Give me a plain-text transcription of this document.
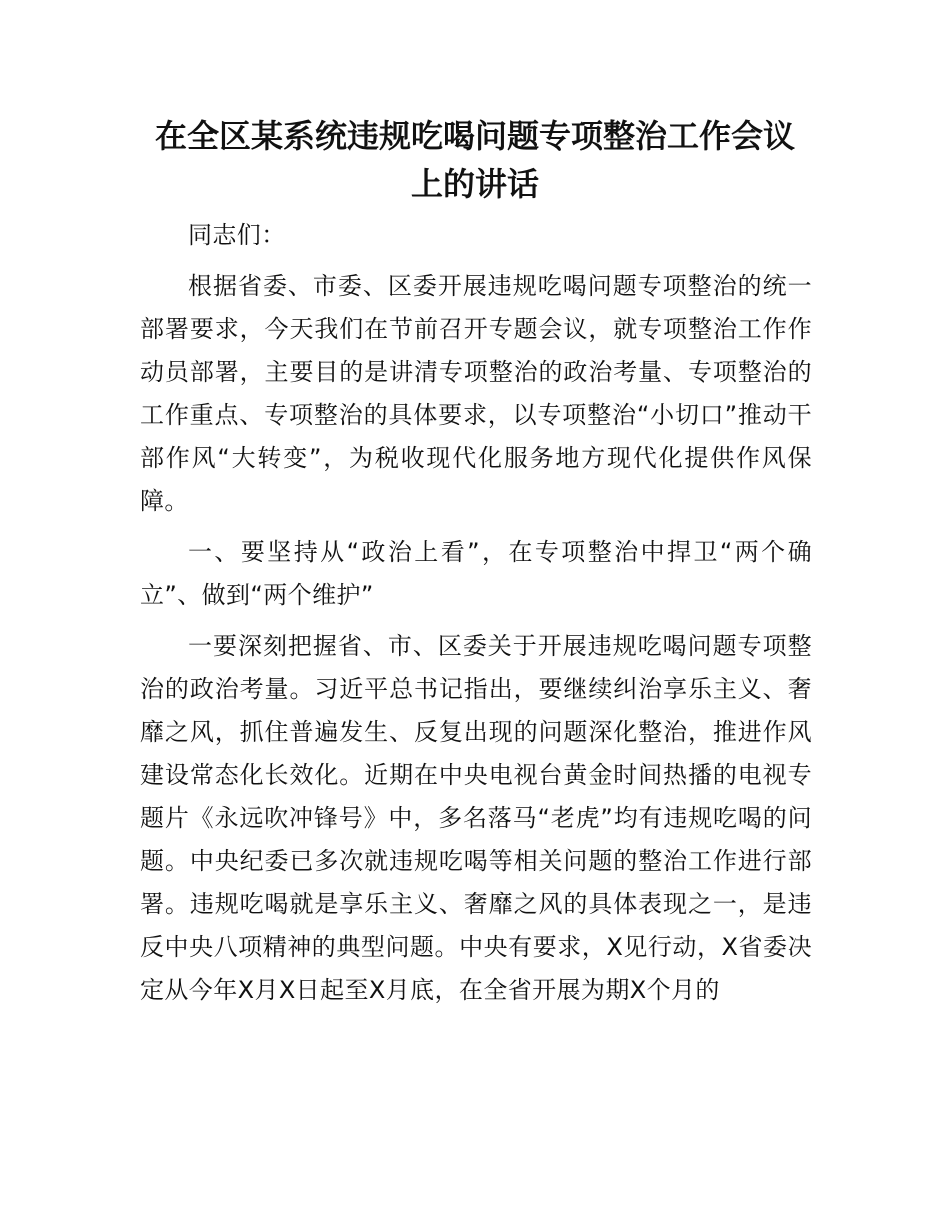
在全区某系统违规吃喝问题专项整治工作会议上的讲话

同志们：

根据省委、市委、区委开展违规吃喝问题专项整治的统一部署要求，今天我们在节前召开专题会议，就专项整治工作作动员部署，主要目的是讲清专项整治的政治考量、专项整治的工作重点、专项整治的具体要求，以专项整治“小切口”推动干部作风“大转变”，为税收现代化服务地方现代化提供作风保障。

一、要坚持从“政治上看”，在专项整治中捍卫“两个确立”、做到“两个维护”

一要深刻把握省、市、区委关于开展违规吃喝问题专项整治的政治考量。习近平总书记指出，要继续纠治享乐主义、奢靡之风，抓住普遍发生、反复出现的问题深化整治，推进作风建设常态化长效化。近期在中央电视台黄金时间热播的电视专题片《永远吹冲锋号》中，多名落马“老虎”均有违规吃喝的问题。中央纪委已多次就违规吃喝等相关问题的整治工作进行部署。违规吃喝就是享乐主义、奢靡之风的具体表现之一，是违反中央八项精神的典型问题。中央有要求，X见行动，X省委决定从今年X月X日起至X月底，在全省开展为期X个月的
